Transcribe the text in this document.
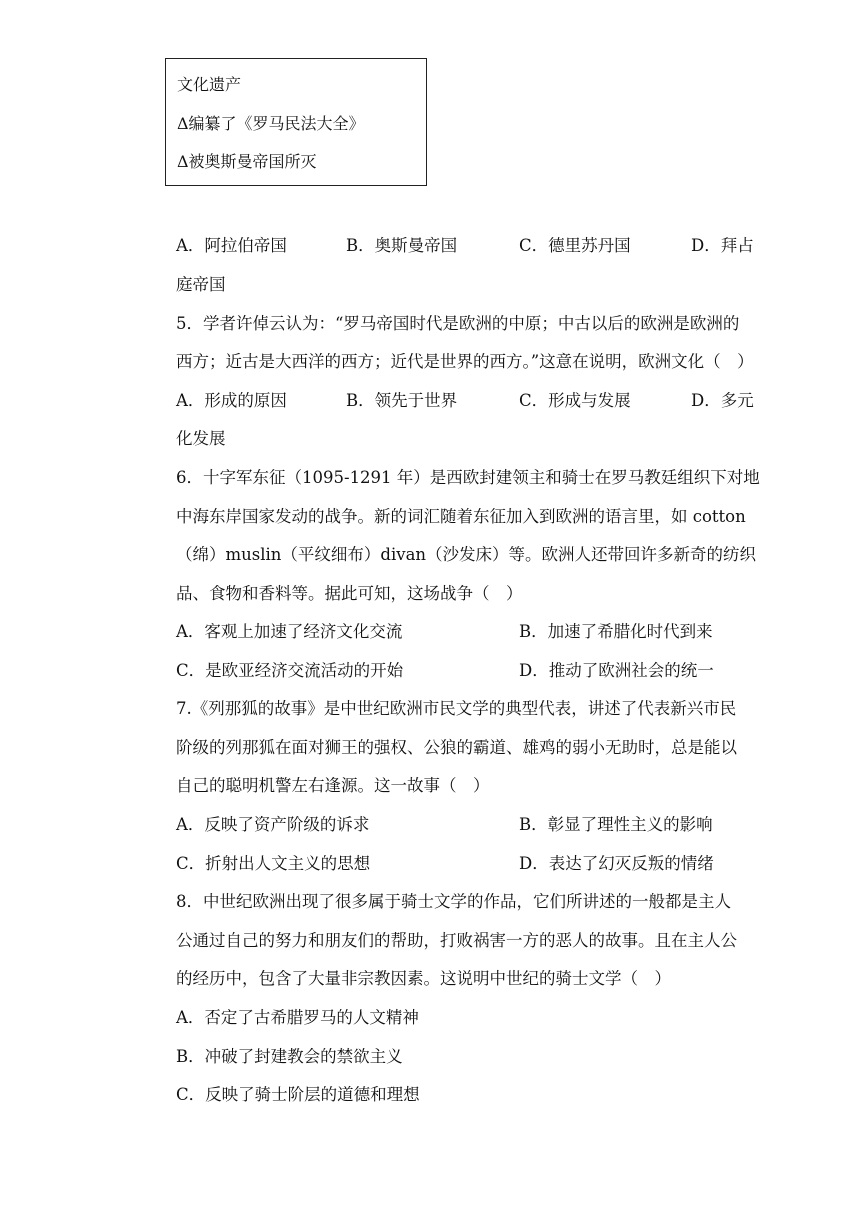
文化遗产
Δ编纂了《罗马民法大全》
Δ被奥斯曼帝国所灭
A．阿拉伯帝国	B．奥斯曼帝国	C．德里苏丹国	D．拜占
庭帝国
5．学者许倬云认为：“罗马帝国时代是欧洲的中原；中古以后的欧洲是欧洲的
西方；近古是大西洋的西方；近代是世界的西方。”这意在说明，欧洲文化（　）
A．形成的原因	B．领先于世界	C．形成与发展	D．多元
化发展
6．十字军东征（1095-1291 年）是西欧封建领主和骑士在罗马教廷组织下对地
中海东岸国家发动的战争。新的词汇随着东征加入到欧洲的语言里，如 cotton
（绵）muslin（平纹细布）divan（沙发床）等。欧洲人还带回许多新奇的纺织
品、食物和香料等。据此可知，这场战争（　）
A．客观上加速了经济文化交流	B．加速了希腊化时代到来
C．是欧亚经济交流活动的开始	D．推动了欧洲社会的统一
7.《列那狐的故事》是中世纪欧洲市民文学的典型代表，讲述了代表新兴市民
阶级的列那狐在面对狮王的强权、公狼的霸道、雄鸡的弱小无助时，总是能以
自己的聪明机警左右逢源。这一故事（　）
A．反映了资产阶级的诉求	B．彰显了理性主义的影响
C．折射出人文主义的思想	D．表达了幻灭反叛的情绪
8．中世纪欧洲出现了很多属于骑士文学的作品，它们所讲述的一般都是主人
公通过自己的努力和朋友们的帮助，打败祸害一方的恶人的故事。且在主人公
的经历中，包含了大量非宗教因素。这说明中世纪的骑士文学（　）
A．否定了古希腊罗马的人文精神
B．冲破了封建教会的禁欲主义
C．反映了骑士阶层的道德和理想
